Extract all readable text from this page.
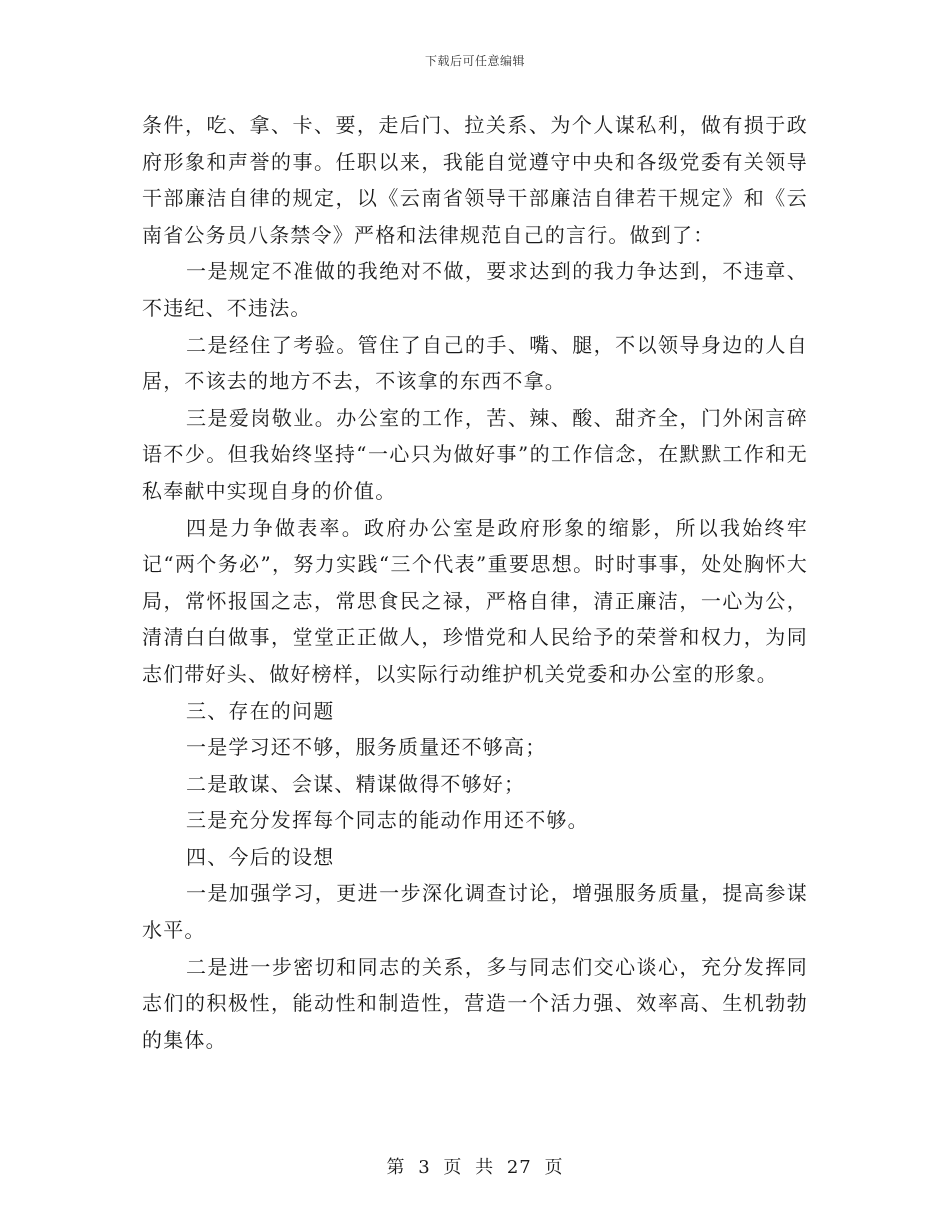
下载后可任意编辑

条件，吃、拿、卡、要，走后门、拉关系、为个人谋私利，做有损于政府形象和声誉的事。任职以来，我能自觉遵守中央和各级党委有关领导干部廉洁自律的规定，以《云南省领导干部廉洁自律若干规定》和《云南省公务员八条禁令》严格和法律规范自己的言行。做到了：

一是规定不准做的我绝对不做，要求达到的我力争达到，不违章、不违纪、不违法。

二是经住了考验。管住了自己的手、嘴、腿，不以领导身边的人自居，不该去的地方不去，不该拿的东西不拿。

三是爱岗敬业。办公室的工作，苦、辣、酸、甜齐全，门外闲言碎语不少。但我始终坚持“一心只为做好事”的工作信念，在默默工作和无私奉献中实现自身的价值。

四是力争做表率。政府办公室是政府形象的缩影，所以我始终牢记“两个务必”，努力实践“三个代表”重要思想。时时事事，处处胸怀大局，常怀报国之志，常思食民之禄，严格自律，清正廉洁，一心为公，清清白白做事，堂堂正正做人，珍惜党和人民给予的荣誉和权力，为同志们带好头、做好榜样，以实际行动维护机关党委和办公室的形象。

三、存在的问题

一是学习还不够，服务质量还不够高；

二是敢谋、会谋、精谋做得不够好；

三是充分发挥每个同志的能动作用还不够。

四、今后的设想

一是加强学习，更进一步深化调查讨论，增强服务质量，提高参谋水平。

二是进一步密切和同志的关系，多与同志们交心谈心，充分发挥同志们的积极性，能动性和制造性，营造一个活力强、效率高、生机勃勃的集体。

第 3 页 共 27 页
